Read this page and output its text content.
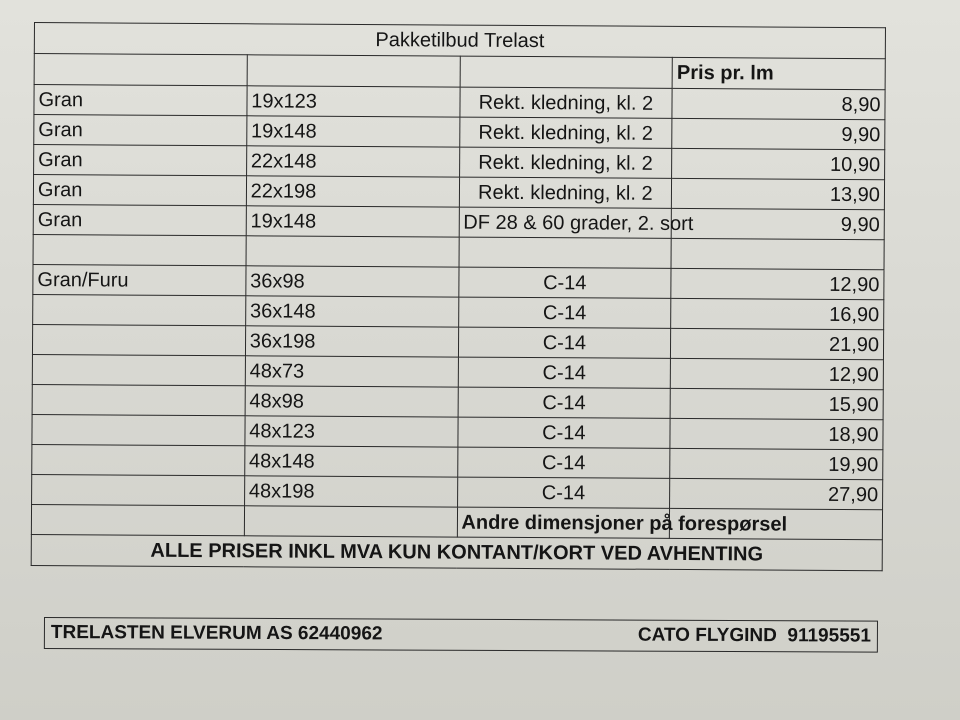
Pakketilbud Trelast			
			Pris pr. lm
Gran	19x123	Rekt. kledning, kl. 2	8,90
Gran	19x148	Rekt. kledning, kl. 2	9,90
Gran	22x148	Rekt. kledning, kl. 2	10,90
Gran	22x198	Rekt. kledning, kl. 2	13,90
Gran	19x148	DF 28 & 60 grader, 2. sort	9,90

Gran/Furu	36x98	C-14	12,90
	36x148	C-14	16,90
	36x198	C-14	21,90
	48x73	C-14	12,90
	48x98	C-14	15,90
	48x123	C-14	18,90
	48x148	C-14	19,90
	48x198	C-14	27,90
		Andre dimensjoner på forespørsel	
ALLE PRISER INKL MVA KUN KONTANT/KORT VED AVHENTING			
TRELASTEN ELVERUM AS 62440962	CATO FLYGIND  91195551
